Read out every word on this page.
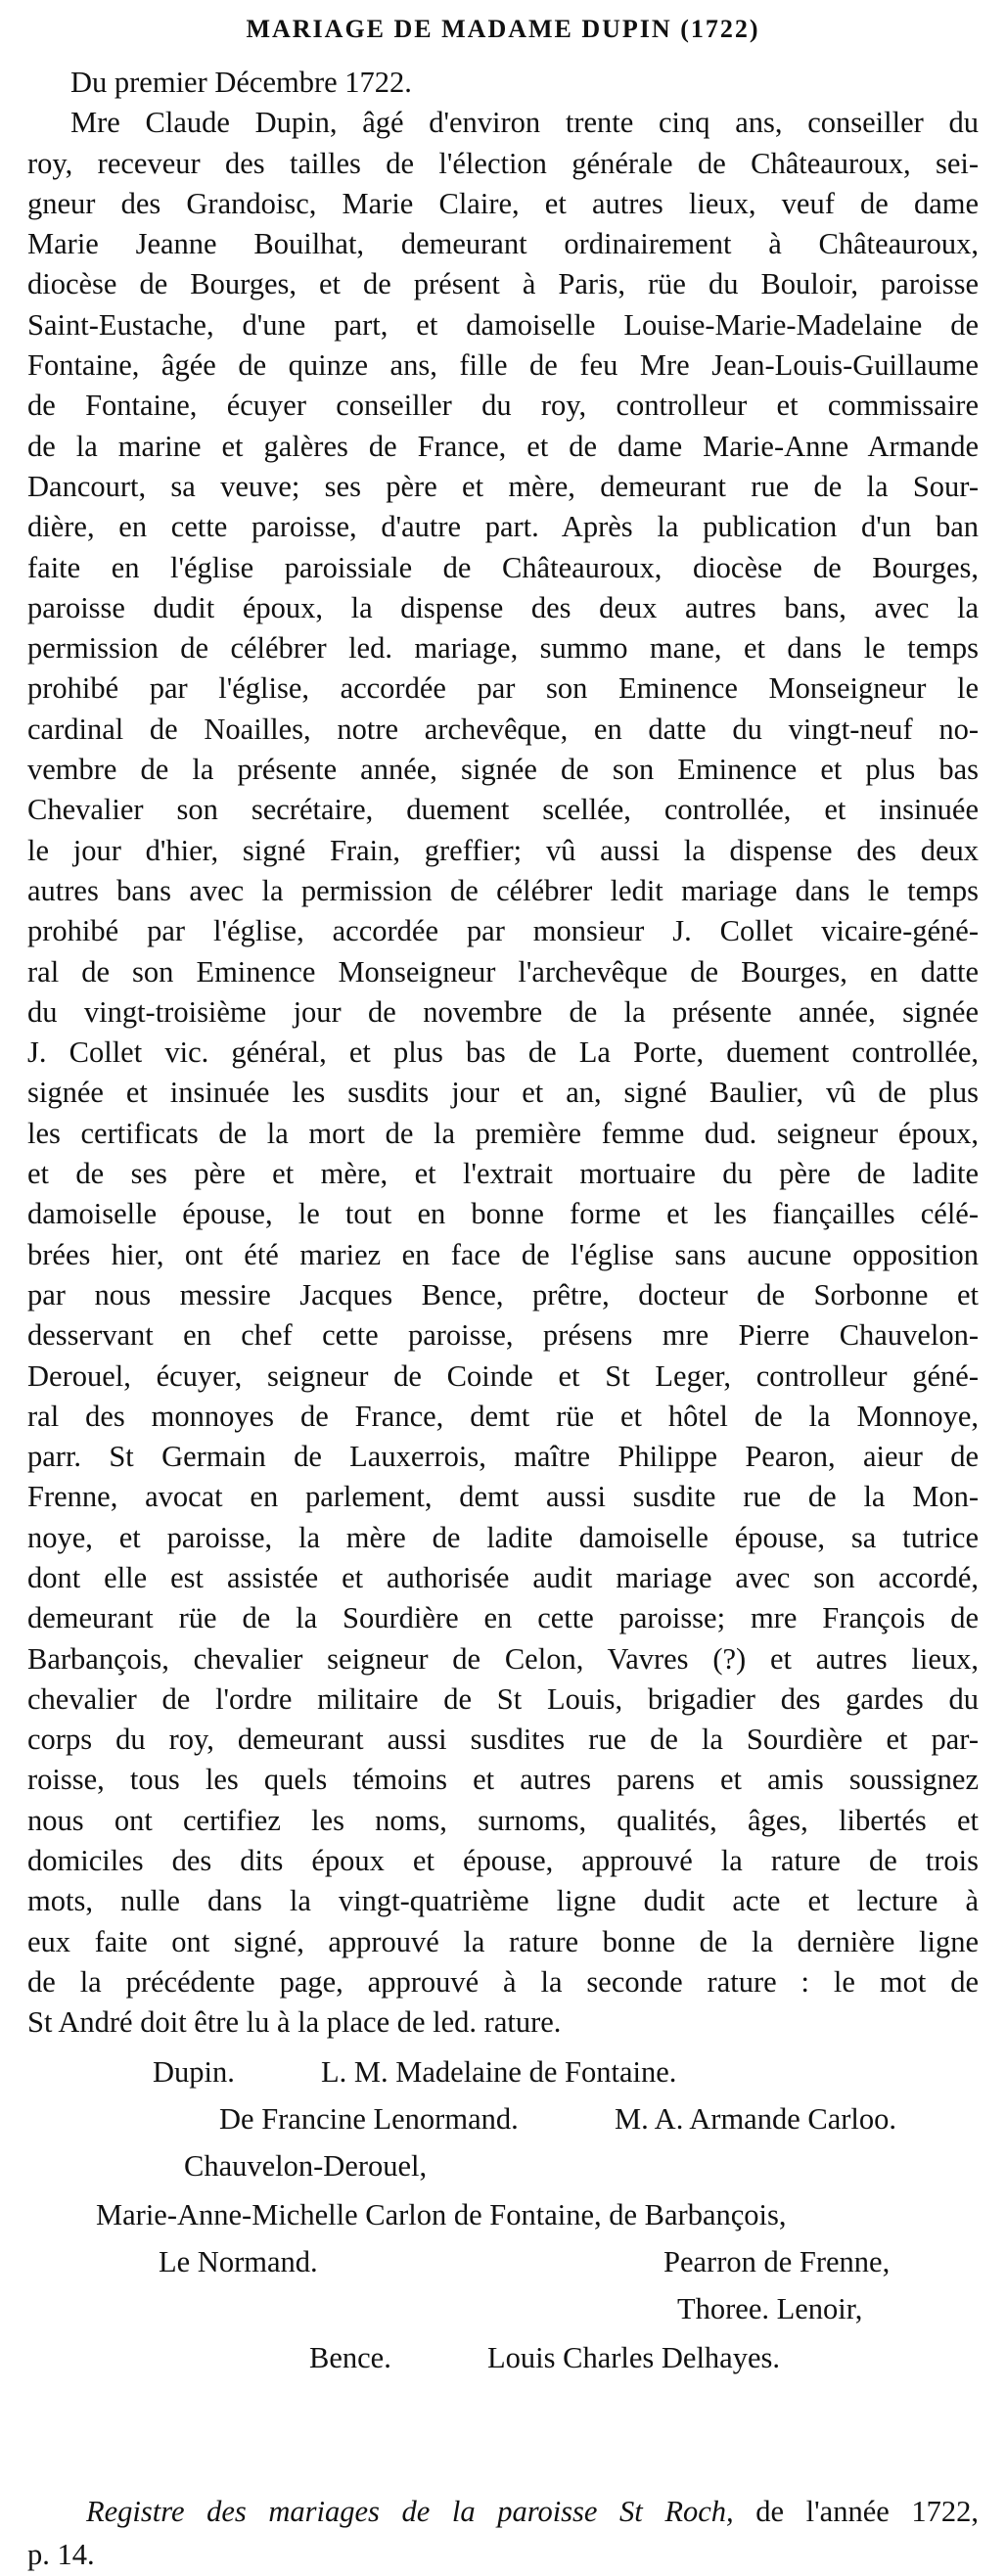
MARIAGE DE MADAME DUPIN (1722)
Du premier Décembre 1722.
Mre Claude Dupin, âgé d'environ trente cinq ans, conseiller du
roy, receveur des tailles de l'élection générale de Châteauroux, sei-
gneur des Grandoisc, Marie Claire, et autres lieux, veuf de dame
Marie Jeanne Bouilhat, demeurant ordinairement à Châteauroux,
diocèse de Bourges, et de présent à Paris, rüe du Bouloir, paroisse
Saint-Eustache, d'une part, et damoiselle Louise-Marie-Madelaine de
Fontaine, âgée de quinze ans, fille de feu Mre Jean-Louis-Guillaume
de Fontaine, écuyer conseiller du roy, controlleur et commissaire
de la marine et galères de France, et de dame Marie-Anne Armande
Dancourt, sa veuve; ses père et mère, demeurant rue de la Sour-
dière, en cette paroisse, d'autre part. Après la publication d'un ban
faite en l'église paroissiale de Châteauroux, diocèse de Bourges,
paroisse dudit époux, la dispense des deux autres bans, avec la
permission de célébrer led. mariage, summo mane, et dans le temps
prohibé par l'église, accordée par son Eminence Monseigneur le
cardinal de Noailles, notre archevêque, en datte du vingt-neuf no-
vembre de la présente année, signée de son Eminence et plus bas
Chevalier son secrétaire, duement scellée, controllée, et insinuée
le jour d'hier, signé Frain, greffier; vû aussi la dispense des deux
autres bans avec la permission de célébrer ledit mariage dans le temps
prohibé par l'église, accordée par monsieur J. Collet vicaire-géné-
ral de son Eminence Monseigneur l'archevêque de Bourges, en datte
du vingt-troisième jour de novembre de la présente année, signée
J. Collet vic. général, et plus bas de La Porte, duement controllée,
signée et insinuée les susdits jour et an, signé Baulier, vû de plus
les certificats de la mort de la première femme dud. seigneur époux,
et de ses père et mère, et l'extrait mortuaire du père de ladite
damoiselle épouse, le tout en bonne forme et les fiançailles célé-
brées hier, ont été mariez en face de l'église sans aucune opposition
par nous messire Jacques Bence, prêtre, docteur de Sorbonne et
desservant en chef cette paroisse, présens mre Pierre Chauvelon-
Derouel, écuyer, seigneur de Coinde et St Leger, controlleur géné-
ral des monnoyes de France, demt rüe et hôtel de la Monnoye,
parr. St Germain de Lauxerrois, maître Philippe Pearon, aieur de
Frenne, avocat en parlement, demt aussi susdite rue de la Mon-
noye, et paroisse, la mère de ladite damoiselle épouse, sa tutrice
dont elle est assistée et authorisée audit mariage avec son accordé,
demeurant rüe de la Sourdière en cette paroisse; mre François de
Barbançois, chevalier seigneur de Celon, Vavres (?) et autres lieux,
chevalier de l'ordre militaire de St Louis, brigadier des gardes du
corps du roy, demeurant aussi susdites rue de la Sourdière et par-
roisse, tous les quels témoins et autres parens et amis soussignez
nous ont certifiez les noms, surnoms, qualités, âges, libertés et
domiciles des dits époux et épouse, approuvé la rature de trois
mots, nulle dans la vingt-quatrième ligne dudit acte et lecture à
eux faite ont signé, approuvé la rature bonne de la dernière ligne
de la précédente page, approuvé à la seconde rature : le mot de
St André doit être lu à la place de led. rature.
Dupin.	L. M. Madelaine de Fontaine.
De Francine Lenormand.	M. A. Armande Carloo.
Chauvelon-Derouel,
Marie-Anne-Michelle Carlon de Fontaine, de Barbançois,
Le Normand.	Pearron de Frenne,
Thoree. Lenoir,
Bence.	Louis Charles Delhayes.
Registre des mariages de la paroisse St Roch, de l'année 1722,
p. 14.
